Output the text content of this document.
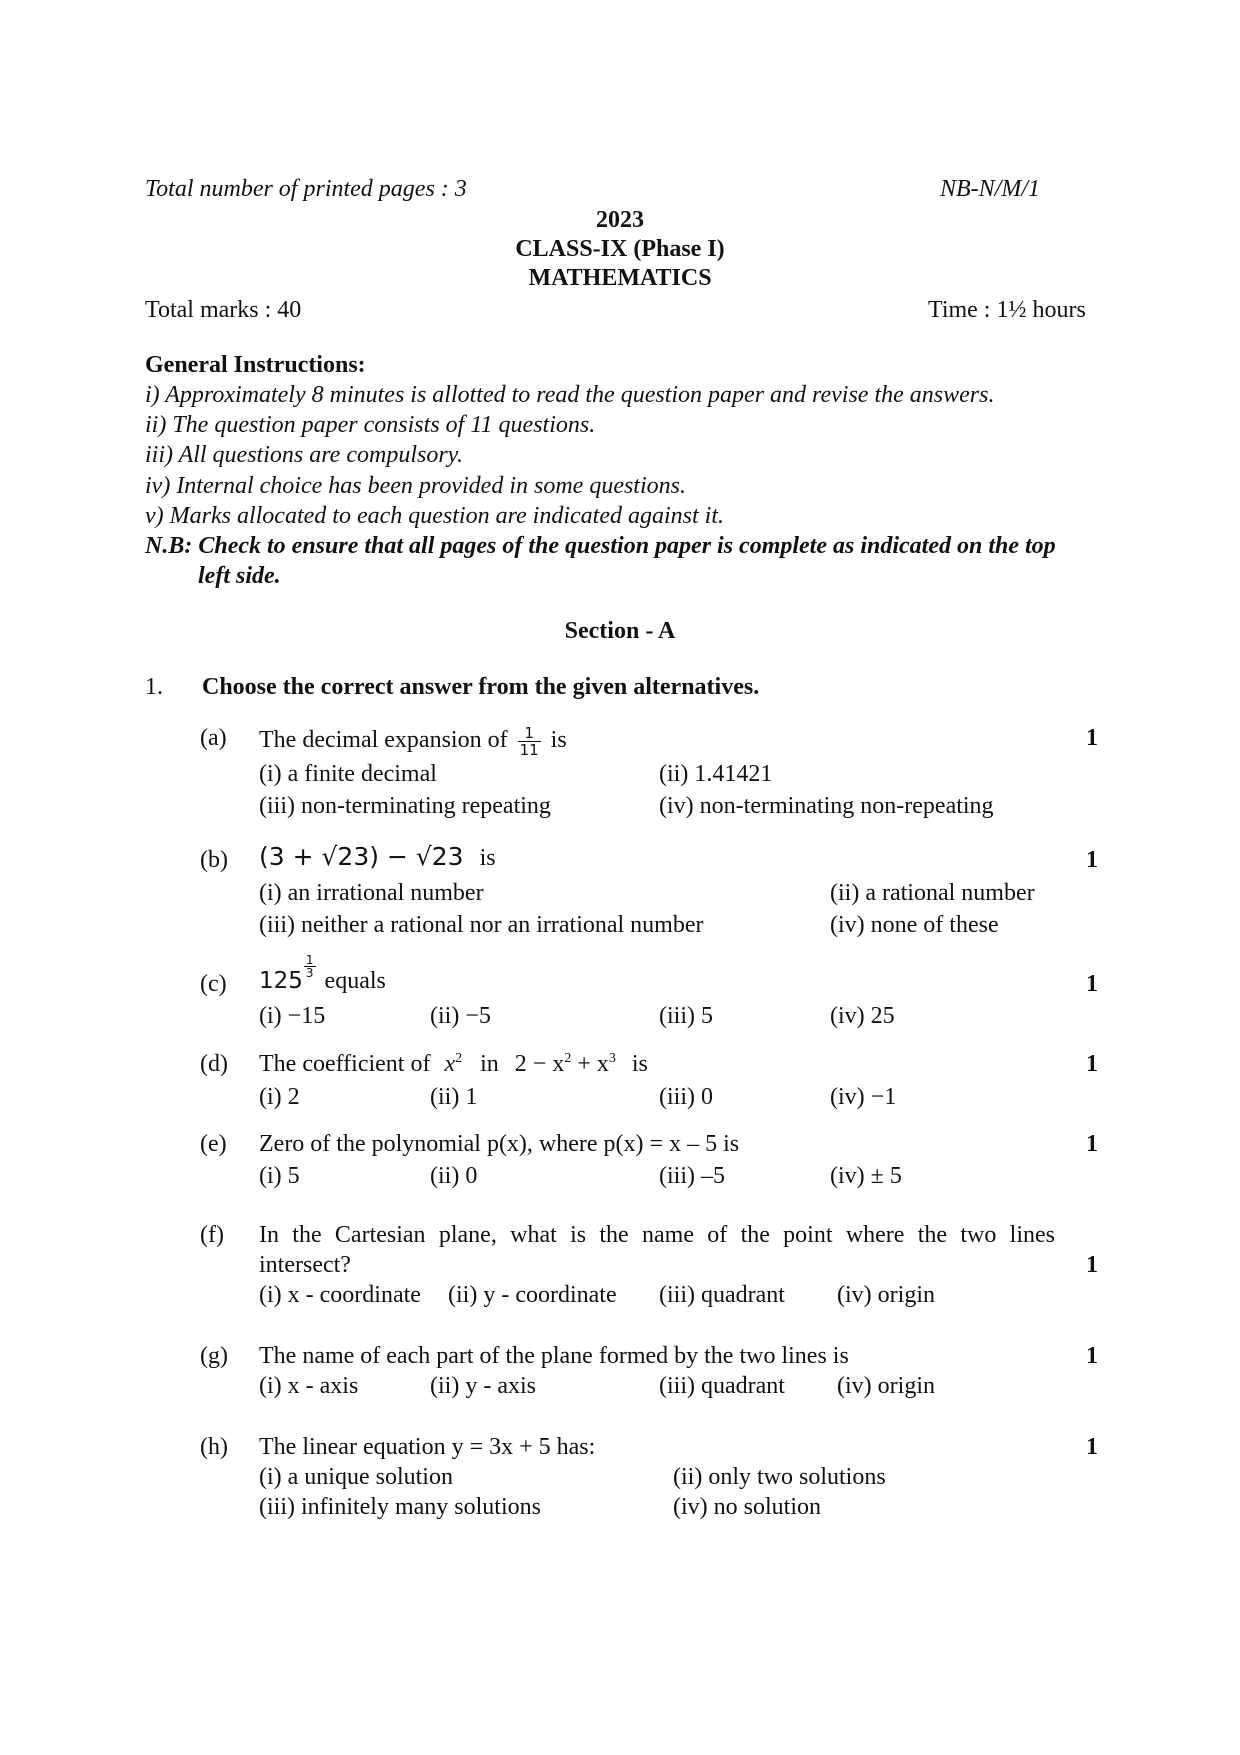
Total number of printed pages : 3	NB-N/M/1
2023
CLASS-IX (Phase I)
MATHEMATICS
Total marks : 40	Time : 1½ hours
General Instructions:
i) Approximately 8 minutes is allotted to read the question paper and revise the answers.
ii) The question paper consists of 11 questions.
iii) All questions are compulsory.
iv) Internal choice has been provided in some questions.
v) Marks allocated to each question are indicated against it.
N.B: Check to ensure that all pages of the question paper is complete as indicated on the top
left side.
Section - A
1. Choose the correct answer from the given alternatives.
(a) The decimal expansion of $\frac{1}{11}$ is	1
(i) a finite decimal	(ii) 1.41421
(iii) non-terminating repeating	(iv) non-terminating non-repeating
(b) (3 + √23) − √23 is	1
(i) an irrational number	(ii) a rational number
(iii) neither a rational nor an irrational number	(iv) none of these
(c) 125
$\frac{1}{3}$
equals	1
(i) −15	(ii) −5	(iii) 5	(iv) 25
(d) The coefficient of $x^2$ in $2 - x^2 + x^3$ is	1
(i) 2	(ii) 1	(iii) 0	(iv) −1
(e) Zero of the polynomial p(x), where p(x) = x – 5 is	1
(i) 5	(ii) 0	(iii) –5	(iv) ± 5
(f) In the Cartesian plane, what is the name of the point where the two lines
intersect?	1
(i) x - coordinate (ii) y - coordinate (iii) quadrant (iv) origin
(g) The name of each part of the plane formed by the two lines is	1
(i) x - axis	(ii) y - axis	(iii) quadrant (iv) origin
(h) The linear equation y = 3x + 5 has:	1
(i) a unique solution	(ii) only two solutions
(iii) infinitely many solutions	(iv) no solution
